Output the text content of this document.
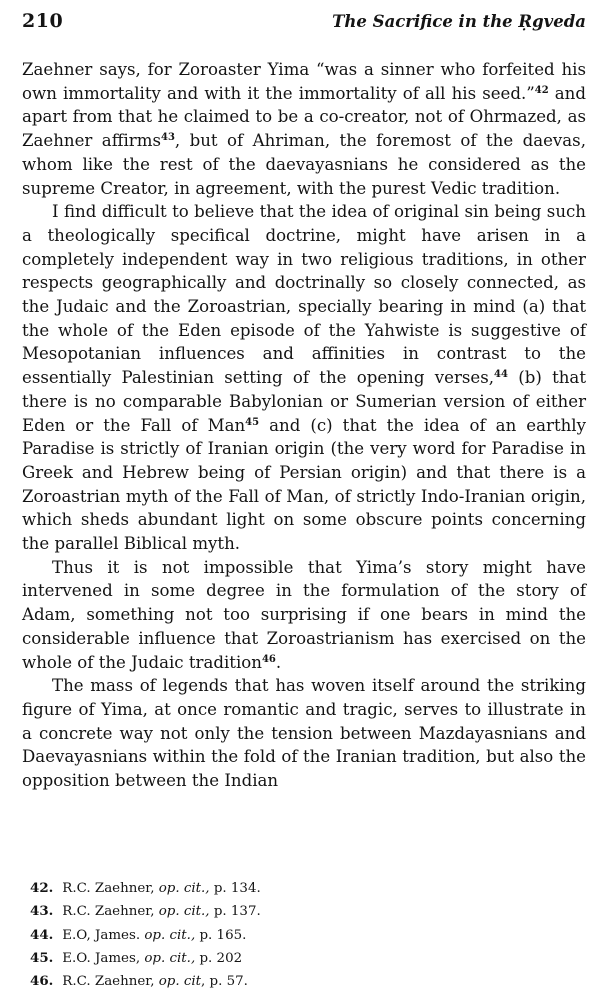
210	The Sacrifice in the Ṛgveda

Zaehner says, for Zoroaster Yima “was a sinner who forfeited his own immortality and with it the immortality of all his seed.”$^{42}$ and apart from that he claimed to be a co-creator, not of Ohrmazed, as Zaehner affirms$^{43}$, but of Ahriman, the foremost of the daevas, whom like the rest of the daevayasnians he considered as the supreme Creator, in agreement, with the purest Vedic tradition.

I find difficult to believe that the idea of original sin being such a theologically specifical doctrine, might have arisen in a completely independent way in two religious traditions, in other respects geographically and doctrinally so closely connected, as the Judaic and the Zoroastrian, specially bearing in mind (a) that the whole of the Eden episode of the Yahwiste is suggestive of Mesopotanian influences and affinities in contrast to the essentially Palestinian setting of the opening verses,$^{44}$ (b) that there is no comparable Babylonian or Sumerian version of either Eden or the Fall of Man$^{45}$ and (c) that the idea of an earthly Paradise is strictly of Iranian origin (the very word for Paradise in Greek and Hebrew being of Persian origin) and that there is a Zoroastrian myth of the Fall of Man, of strictly Indo-Iranian origin, which sheds abundant light on some obscure points concerning the parallel Biblical myth.

Thus it is not impossible that Yima’s story might have intervened in some degree in the formulation of the story of Adam, something not too surprising if one bears in mind the considerable influence that Zoroastrianism has exercised on the whole of the Judaic tradition$^{46}$.

The mass of legends that has woven itself around the striking figure of Yima, at once romantic and tragic, serves to illustrate in a concrete way not only the tension between Mazdayasnians and Daevayasnians within the fold of the Iranian tradition, but also the opposition between the Indian

42. R.C. Zaehner, op. cit., p. 134.
43. R.C. Zaehner, op. cit., p. 137.
44. E.O, James. op. cit., p. 165.
45. E.O. James, op. cit., p. 202
46. R.C. Zaehner, op. cit, p. 57.
